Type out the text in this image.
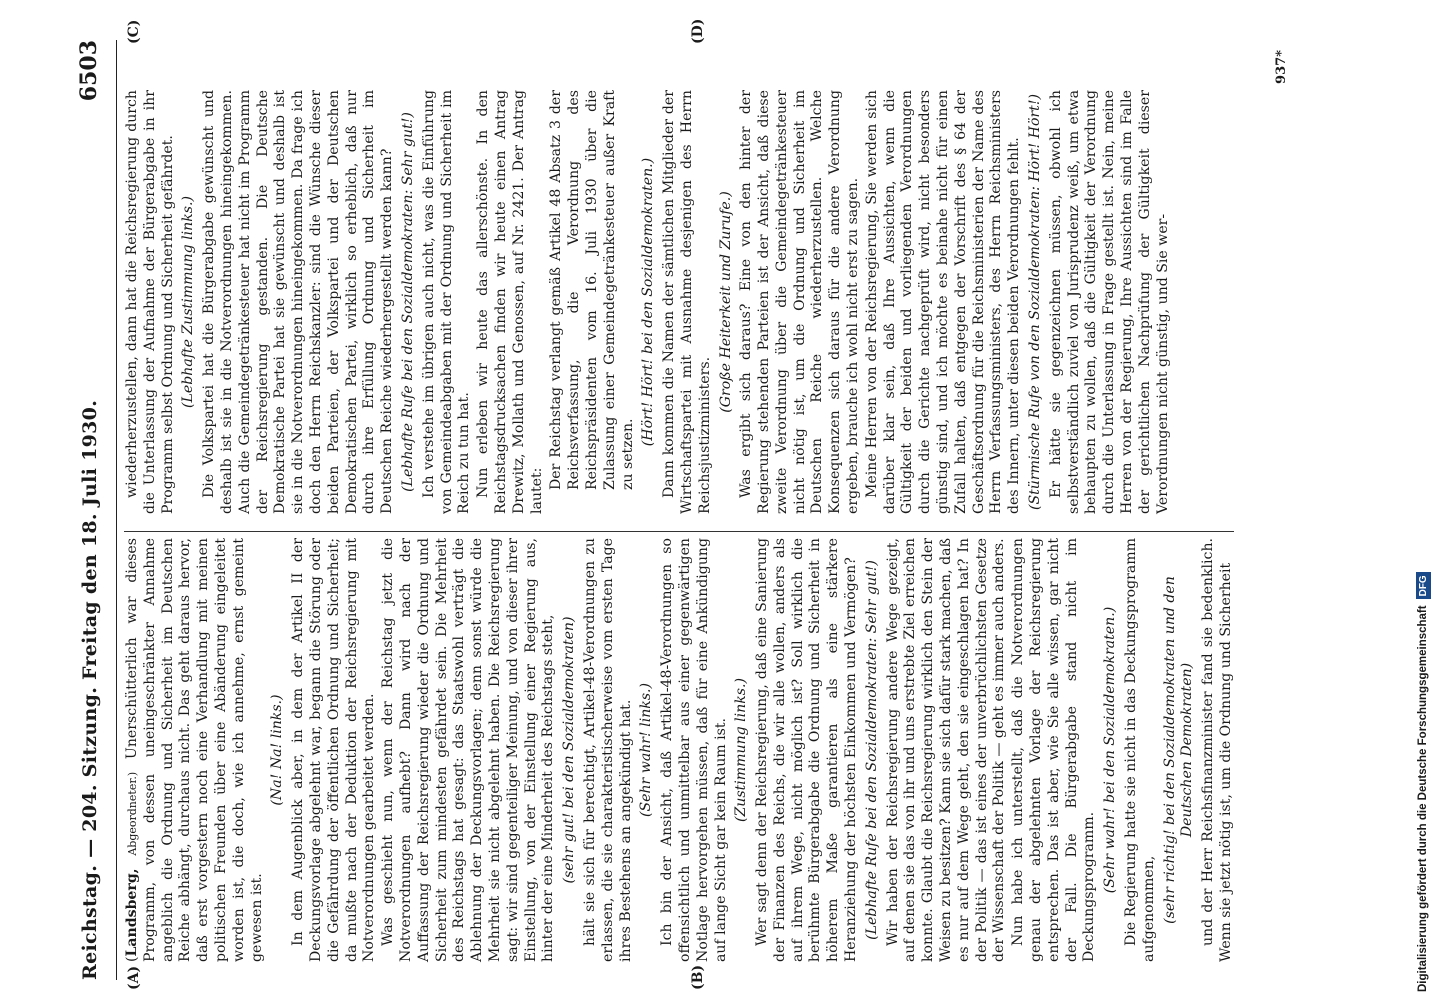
Reichstag. — 204. Sitzung. Freitag den 18. Juli 1930.
6503
(A)	(B)
(C)	(D)

(Landsberg, Abgeordneter.) Unerschütterlich war dieses Programm, von dessen uneingeschränkter Annahme angeblich die Ordnung und Sicherheit im Deutschen Reiche abhängt, durchaus nicht. Das geht daraus hervor, daß erst vorgestern noch eine Verhandlung mit meinen politischen Freunden über eine Abänderung eingeleitet worden ist, die doch, wie ich annehme, ernst gemeint gewesen ist.

(Na! Na! links.) In dem Augenblick aber, in dem der Artikel II der Deckungsvorlage abgelehnt war, begann die Störung oder die Gefährdung der öffentlichen Ordnung und Sicherheit; da mußte nach der Deduktion der Reichsregierung mit Notverordnungen gearbeitet werden. Was geschieht nun, wenn der Reichstag jetzt die Notverordnungen aufhebt? Dann wird nach der Auffassung der Reichsregierung wieder die Ordnung und Sicherheit zum mindesten gefährdet sein. Die Mehrheit des Reichstags hat gesagt: das Staatswohl verträgt die Ablehnung der Deckungsvorlagen; denn sonst würde die Mehrheit sie nicht abgelehnt haben. Die Reichsregierung sagt: wir sind gegenteiliger Meinung, und von dieser ihrer Einstellung, von der Einstellung einer Regierung aus, hinter der eine Minderheit des Reichstags steht, (sehr gut! bei den Sozialdemokraten) hält sie sich für berechtigt, Artikel-48-Verordnungen zu erlassen, die sie charakteristischerweise vom ersten Tage ihres Bestehens an angekündigt hat. (Sehr wahr! links.) Ich bin der Ansicht, daß Artikel-48-Verordnungen so offensichtlich und unmittelbar aus einer gegenwärtigen Notlage hervorgehen müssen, daß für eine Ankündigung auf lange Sicht gar kein Raum ist. (Zustimmung links.) Wer sagt denn der Reichsregierung, daß eine Sanierung der Finanzen des Reichs, die wir alle wollen, anders als auf ihrem Wege, nicht möglich ist? Soll wirklich die berühmte Bürgerabgabe die Ordnung und Sicherheit in höherem Maße garantieren als eine stärkere Heranziehung der höchsten Einkommen und Vermögen? (Lebhafte Rufe bei den Sozialdemokraten: Sehr gut!) Wir haben der Reichsregierung andere Wege gezeigt, auf denen sie das von ihr und uns erstrebte Ziel erreichen konnte. Glaubt die Reichsregierung wirklich den Stein der Weisen zu besitzen? Kann sie sich dafür stark machen, daß es nur auf dem Wege geht, den sie eingeschlagen hat? In der Politik — das ist eines der unverbrüchlichsten Gesetze der Wissenschaft der Politik — geht es immer auch anders. Nun habe ich unterstellt, daß die Notverordnungen genau der abgelehnten Vorlage der Reichsregierung entsprechen. Das ist aber, wie Sie alle wissen, gar nicht der Fall. Die Bürgerabgabe stand nicht im Deckungsprogramm. (Sehr wahr! bei den Sozialdemokraten.) Die Regierung hatte sie nicht in das Deckungsprogramm aufgenommen, (sehr richtig! bei den Sozialdemokraten und den Deutschen Demokraten) und der Herr Reichsfinanzminister fand sie bedenklich. Wenn sie jetzt nötig ist, um die Ordnung und Sicherheit

wiederherzustellen, dann hat die Reichsregierung durch die Unterlassung der Aufnahme der Bürgerabgabe in ihr Programm selbst Ordnung und Sicherheit gefährdet. (Lebhafte Zustimmung links.) Die Volkspartei hat die Bürgerabgabe gewünscht und deshalb ist sie in die Notverordnungen hineingekommen. Auch die Gemeindegetränkesteuer hat nicht im Programm der Reichsregierung gestanden. Die Deutsche Demokratische Partei hat sie gewünscht und deshalb ist sie in die Notverordnungen hineingekommen. Da frage ich doch den Herrn Reichskanzler: sind die Wünsche dieser beiden Parteien, der Volkspartei und der Deutschen Demokratischen Partei, wirklich so erheblich, daß nur durch ihre Erfüllung Ordnung und Sicherheit im Deutschen Reiche wiederhergestellt werden kann? (Lebhafte Rufe bei den Sozialdemokraten: Sehr gut!) Ich verstehe im übrigen auch nicht, was die Einführung von Gemeindeabgaben mit der Ordnung und Sicherheit im Reich zu tun hat. Nun erleben wir heute das allerschönste. In den Reichstagsdrucksachen finden wir heute einen Antrag Drewitz, Mollath und Genossen, auf Nr. 2421. Der Antrag lautet:

Der Reichstag verlangt gemäß Artikel 48 Absatz 3 der Reichsverfassung, die Verordnung des Reichspräsidenten vom 16. Juli 1930 über die Zulassung einer Gemeindegetränkesteuer außer Kraft zu setzen.

(Hört! Hört! bei den Sozialdemokraten.) Dann kommen die Namen der sämtlichen Mitglieder der Wirtschaftspartei mit Ausnahme desjenigen des Herrn Reichsjustizministers.

(Große Heiterkeit und Zurufe.) Was ergibt sich daraus? Eine von den hinter der Regierung stehenden Parteien ist der Ansicht, daß diese zweite Verordnung über die Gemeindegetränkesteuer nicht nötig ist, um die Ordnung und Sicherheit im Deutschen Reiche wiederherzustellen. Welche Konsequenzen sich daraus für die andere Verordnung ergeben, brauche ich wohl nicht erst zu sagen. Meine Herren von der Reichsregierung, Sie werden sich darüber klar sein, daß Ihre Aussichten, wenn die Gültigkeit der beiden und vorliegenden Verordnungen durch die Gerichte nachgeprüft wird, nicht besonders günstig sind, und ich möchte es beinahe nicht für einen Zufall halten, daß entgegen der Vorschrift des § 64 der Geschäftsordnung für die Reichsministerien der Name des Herrn Verfassungsministers, des Herrn Reichsministers des Innern, unter diesen beiden Verordnungen fehlt. (Stürmische Rufe von den Sozialdemokraten: Hört! Hört!) Er hätte sie gegenzeichnen müssen, obwohl ich selbstverständlich zuviel von Jurisprudenz weiß, um etwa behaupten zu wollen, daß die Gültigkeit der Verordnung durch die Unterlassung in Frage gestellt ist. Nein, meine Herren von der Regierung, Ihre Aussichten sind im Falle der gerichtlichen Nachprüfung der Gültigkeit dieser Verordnungen nicht günstig, und Sie wer-

937*
Digitalisierung gefördert durch die Deutsche Forschungsgemeinschaft
DFG
